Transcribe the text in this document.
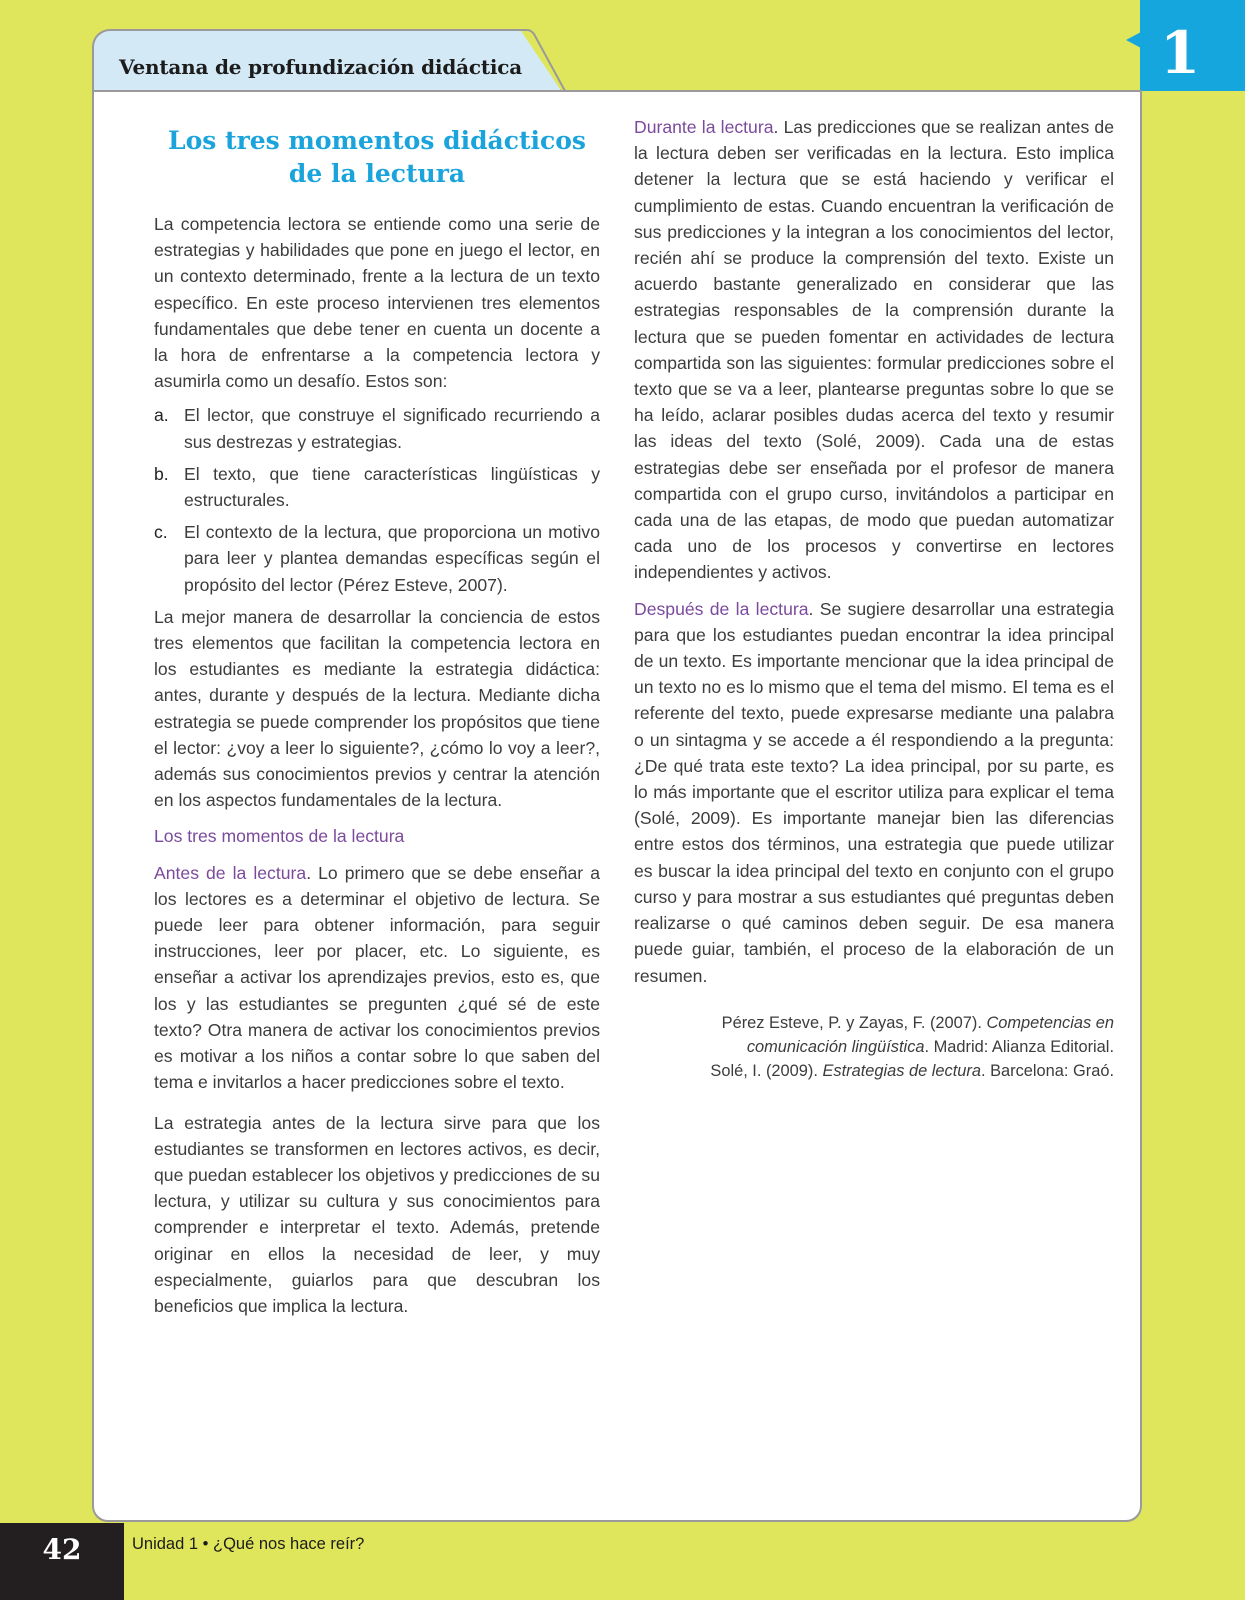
Ventana de profundización didáctica	1
Los tres momentos didácticos
de la lectura

La competencia lectora se entiende como una serie de estrategias y habilidades que pone en juego el lector, en un contexto determinado, frente a la lectura de un texto específico. En este proceso intervienen tres elementos fundamentales que debe tener en cuenta un docente a la hora de enfrentarse a la competencia lectora y asumirla como un desafío. Estos son:

a. El lector, que construye el significado recurriendo a sus destrezas y estrategias.
b. El texto, que tiene características lingüísticas y estructurales.
c. El contexto de la lectura, que proporciona un motivo para leer y plantea demandas específicas según el propósito del lector (Pérez Esteve, 2007).

La mejor manera de desarrollar la conciencia de estos tres elementos que facilitan la competencia lectora en los estudiantes es mediante la estrategia didáctica: antes, durante y después de la lectura. Mediante dicha estrategia se puede comprender los propósitos que tiene el lector: ¿voy a leer lo siguiente?, ¿cómo lo voy a leer?, además sus conocimientos previos y centrar la atención en los aspectos fundamentales de la lectura.

Los tres momentos de la lectura

Antes de la lectura. Lo primero que se debe enseñar a los lectores es a determinar el objetivo de lectura. Se puede leer para obtener información, para seguir instrucciones, leer por placer, etc. Lo siguiente, es enseñar a activar los aprendizajes previos, esto es, que los y las estudiantes se pregunten ¿qué sé de este texto? Otra manera de activar los conocimientos previos es motivar a los niños a contar sobre lo que saben del tema e invitarlos a hacer predicciones sobre el texto.

La estrategia antes de la lectura sirve para que los estudiantes se transformen en lectores activos, es decir, que puedan establecer los objetivos y predicciones de su lectura, y utilizar su cultura y sus conocimientos para comprender e interpretar el texto. Además, pretende originar en ellos la necesidad de leer, y muy especialmente, guiarlos para que descubran los beneficios que implica la lectura.

Durante la lectura. Las predicciones que se realizan antes de la lectura deben ser verificadas en la lectura. Esto implica detener la lectura que se está haciendo y verificar el cumplimiento de estas. Cuando encuentran la verificación de sus predicciones y la integran a los conocimientos del lector, recién ahí se produce la comprensión del texto. Existe un acuerdo bastante generalizado en considerar que las estrategias responsables de la comprensión durante la lectura que se pueden fomentar en actividades de lectura compartida son las siguientes: formular predicciones sobre el texto que se va a leer, plantearse preguntas sobre lo que se ha leído, aclarar posibles dudas acerca del texto y resumir las ideas del texto (Solé, 2009). Cada una de estas estrategias debe ser enseñada por el profesor de manera compartida con el grupo curso, invitándolos a participar en cada una de las etapas, de modo que puedan automatizar cada uno de los procesos y convertirse en lectores independientes y activos.

Después de la lectura. Se sugiere desarrollar una estrategia para que los estudiantes puedan encontrar la idea principal de un texto. Es importante mencionar que la idea principal de un texto no es lo mismo que el tema del mismo. El tema es el referente del texto, puede expresarse mediante una palabra o un sintagma y se accede a él respondiendo a la pregunta: ¿De qué trata este texto? La idea principal, por su parte, es lo más importante que el escritor utiliza para explicar el tema (Solé, 2009). Es importante manejar bien las diferencias entre estos dos términos, una estrategia que puede utilizar es buscar la idea principal del texto en conjunto con el grupo curso y para mostrar a sus estudiantes qué preguntas deben realizarse o qué caminos deben seguir. De esa manera puede guiar, también, el proceso de la elaboración de un resumen.

Pérez Esteve, P. y Zayas, F. (2007). Competencias en comunicación lingüística. Madrid: Alianza Editorial.

Solé, I. (2009). Estrategias de lectura. Barcelona: Graó.

42	Unidad 1 • ¿Qué nos hace reír?
